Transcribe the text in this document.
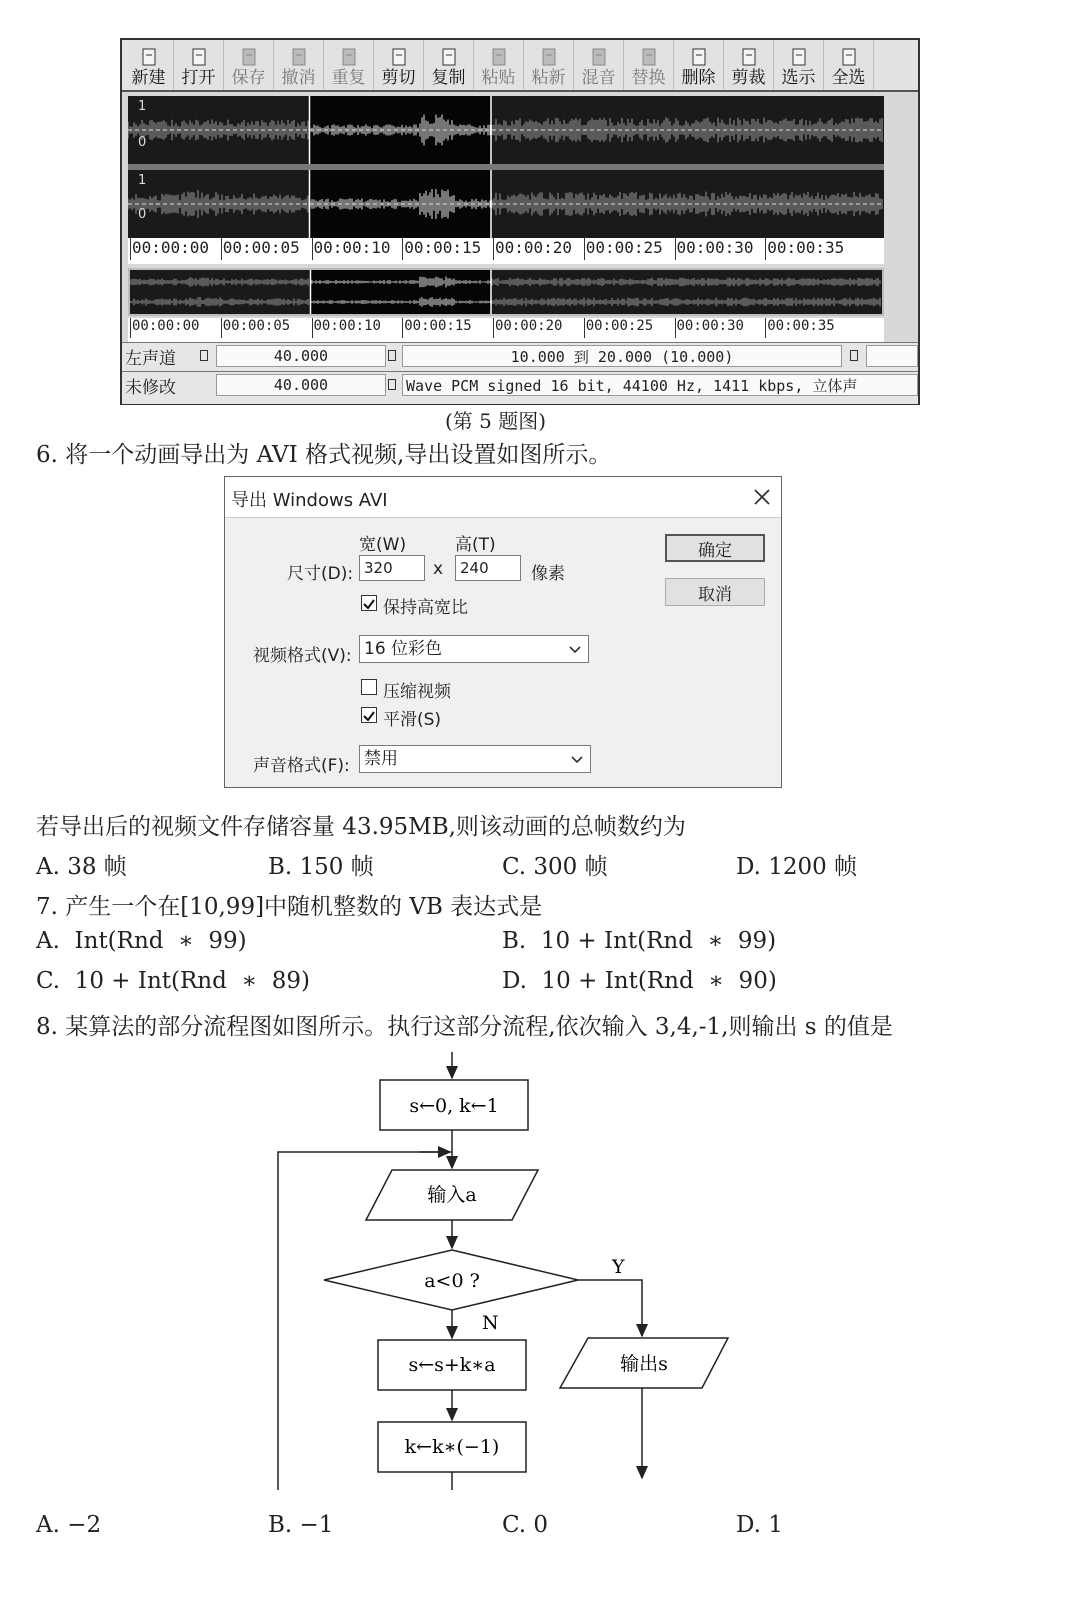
新建 打开 保存 撤消 重复 剪切 复制 粘贴 粘新 混音 替换 删除 剪裁 选示 全选
1
0
1
0
00:00:00 00:00:05 00:00:10 00:00:15 00:00:20 00:00:25 00:00:30 00:00:35
00:00:00 00:00:05 00:00:10 00:00:15 00:00:20 00:00:25 00:00:30 00:00:35
左声道	40.000	10.000 到 20.000 (10.000)
未修改	40.000	Wave PCM signed 16 bit, 44100 Hz, 1411 kbps, 立体声
(第 5 题图)
6. 将一个动画导出为 AVI 格式视频,导出设置如图所示。
导出 Windows AVI
宽(W)	高(T)
尺寸(D): 320	x	240	像素
保持高宽比
视频格式(V): 16 位彩色
压缩视频
平滑(S)
声音格式(F): 禁用
确定
取消
若导出后的视频文件存储容量 43.95MB,则该动画的总帧数约为
A. 38 帧	B. 150 帧	C. 300 帧	D. 1200 帧
7. 产生一个在[10,99]中随机整数的 VB 表达式是
A.  Int(Rnd  ∗  99)	B.  10 + Int(Rnd  ∗  99)
C.  10 + Int(Rnd  ∗  89)	D.  10 + Int(Rnd  ∗  90)
8. 某算法的部分流程图如图所示。执行这部分流程,依次输入 3,4,-1,则输出 s 的值是
s←0, k←1
输入a
a<0 ?
Y
N
s←s+k∗a
k←k∗(−1)
输出s
A. −2	B. −1	C. 0	D. 1
